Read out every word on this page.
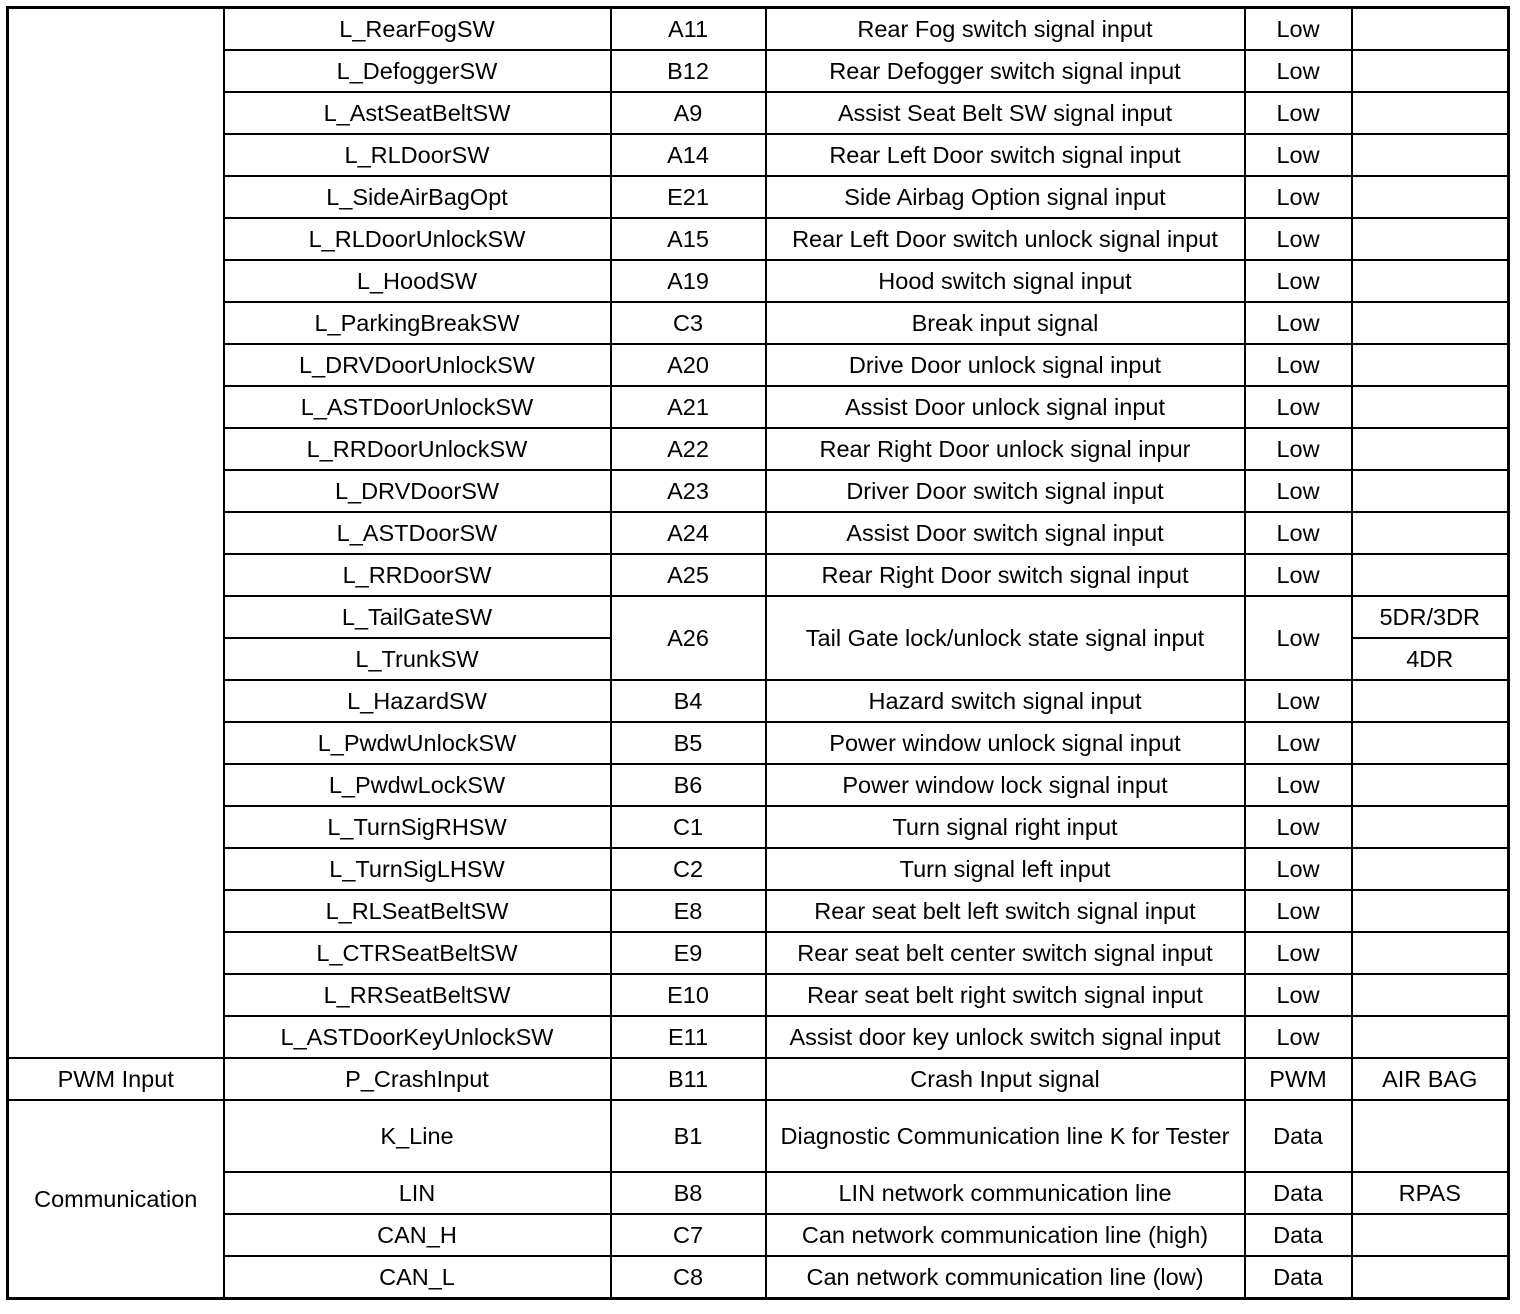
	L_RearFogSW	A11	Rear Fog switch signal input	Low	
	L_DefoggerSW	B12	Rear Defogger switch signal input	Low	
	L_AstSeatBeltSW	A9	Assist Seat Belt SW signal input	Low	
	L_RLDoorSW	A14	Rear Left Door switch signal input	Low	
	L_SideAirBagOpt	E21	Side Airbag Option signal input	Low	
	L_RLDoorUnlockSW	A15	Rear Left Door switch unlock signal input	Low	
	L_HoodSW	A19	Hood switch signal input	Low	
	L_ParkingBreakSW	C3	Break input signal	Low	
	L_DRVDoorUnlockSW	A20	Drive Door unlock signal input	Low	
	L_ASTDoorUnlockSW	A21	Assist Door unlock signal input	Low	
	L_RRDoorUnlockSW	A22	Rear Right Door unlock signal inpur	Low	
	L_DRVDoorSW	A23	Driver Door switch signal input	Low	
	L_ASTDoorSW	A24	Assist Door switch signal input	Low	
	L_RRDoorSW	A25	Rear Right Door switch signal input	Low	
	L_TailGateSW	A26	Tail Gate lock/unlock state signal input	Low	5DR/3DR
	L_TrunkSW				4DR
	L_HazardSW	B4	Hazard switch signal input	Low	
	L_PwdwUnlockSW	B5	Power window unlock signal input	Low	
	L_PwdwLockSW	B6	Power window lock signal input	Low	
	L_TurnSigRHSW	C1	Turn signal right input	Low	
	L_TurnSigLHSW	C2	Turn signal left input	Low	
	L_RLSeatBeltSW	E8	Rear seat belt left switch signal input	Low	
	L_CTRSeatBeltSW	E9	Rear seat belt center switch signal input	Low	
	L_RRSeatBeltSW	E10	Rear seat belt right switch signal input	Low	
	L_ASTDoorKeyUnlockSW	E11	Assist door key unlock switch signal input	Low	
PWM Input	P_CrashInput	B11	Crash Input signal	PWM	AIR BAG
Communication	K_Line	B1	Diagnostic Communication line K for Tester	Data	
	LIN	B8	LIN network communication line	Data	RPAS
	CAN_H	C7	Can network communication line (high)	Data	
	CAN_L	C8	Can network communication line (low)	Data	
